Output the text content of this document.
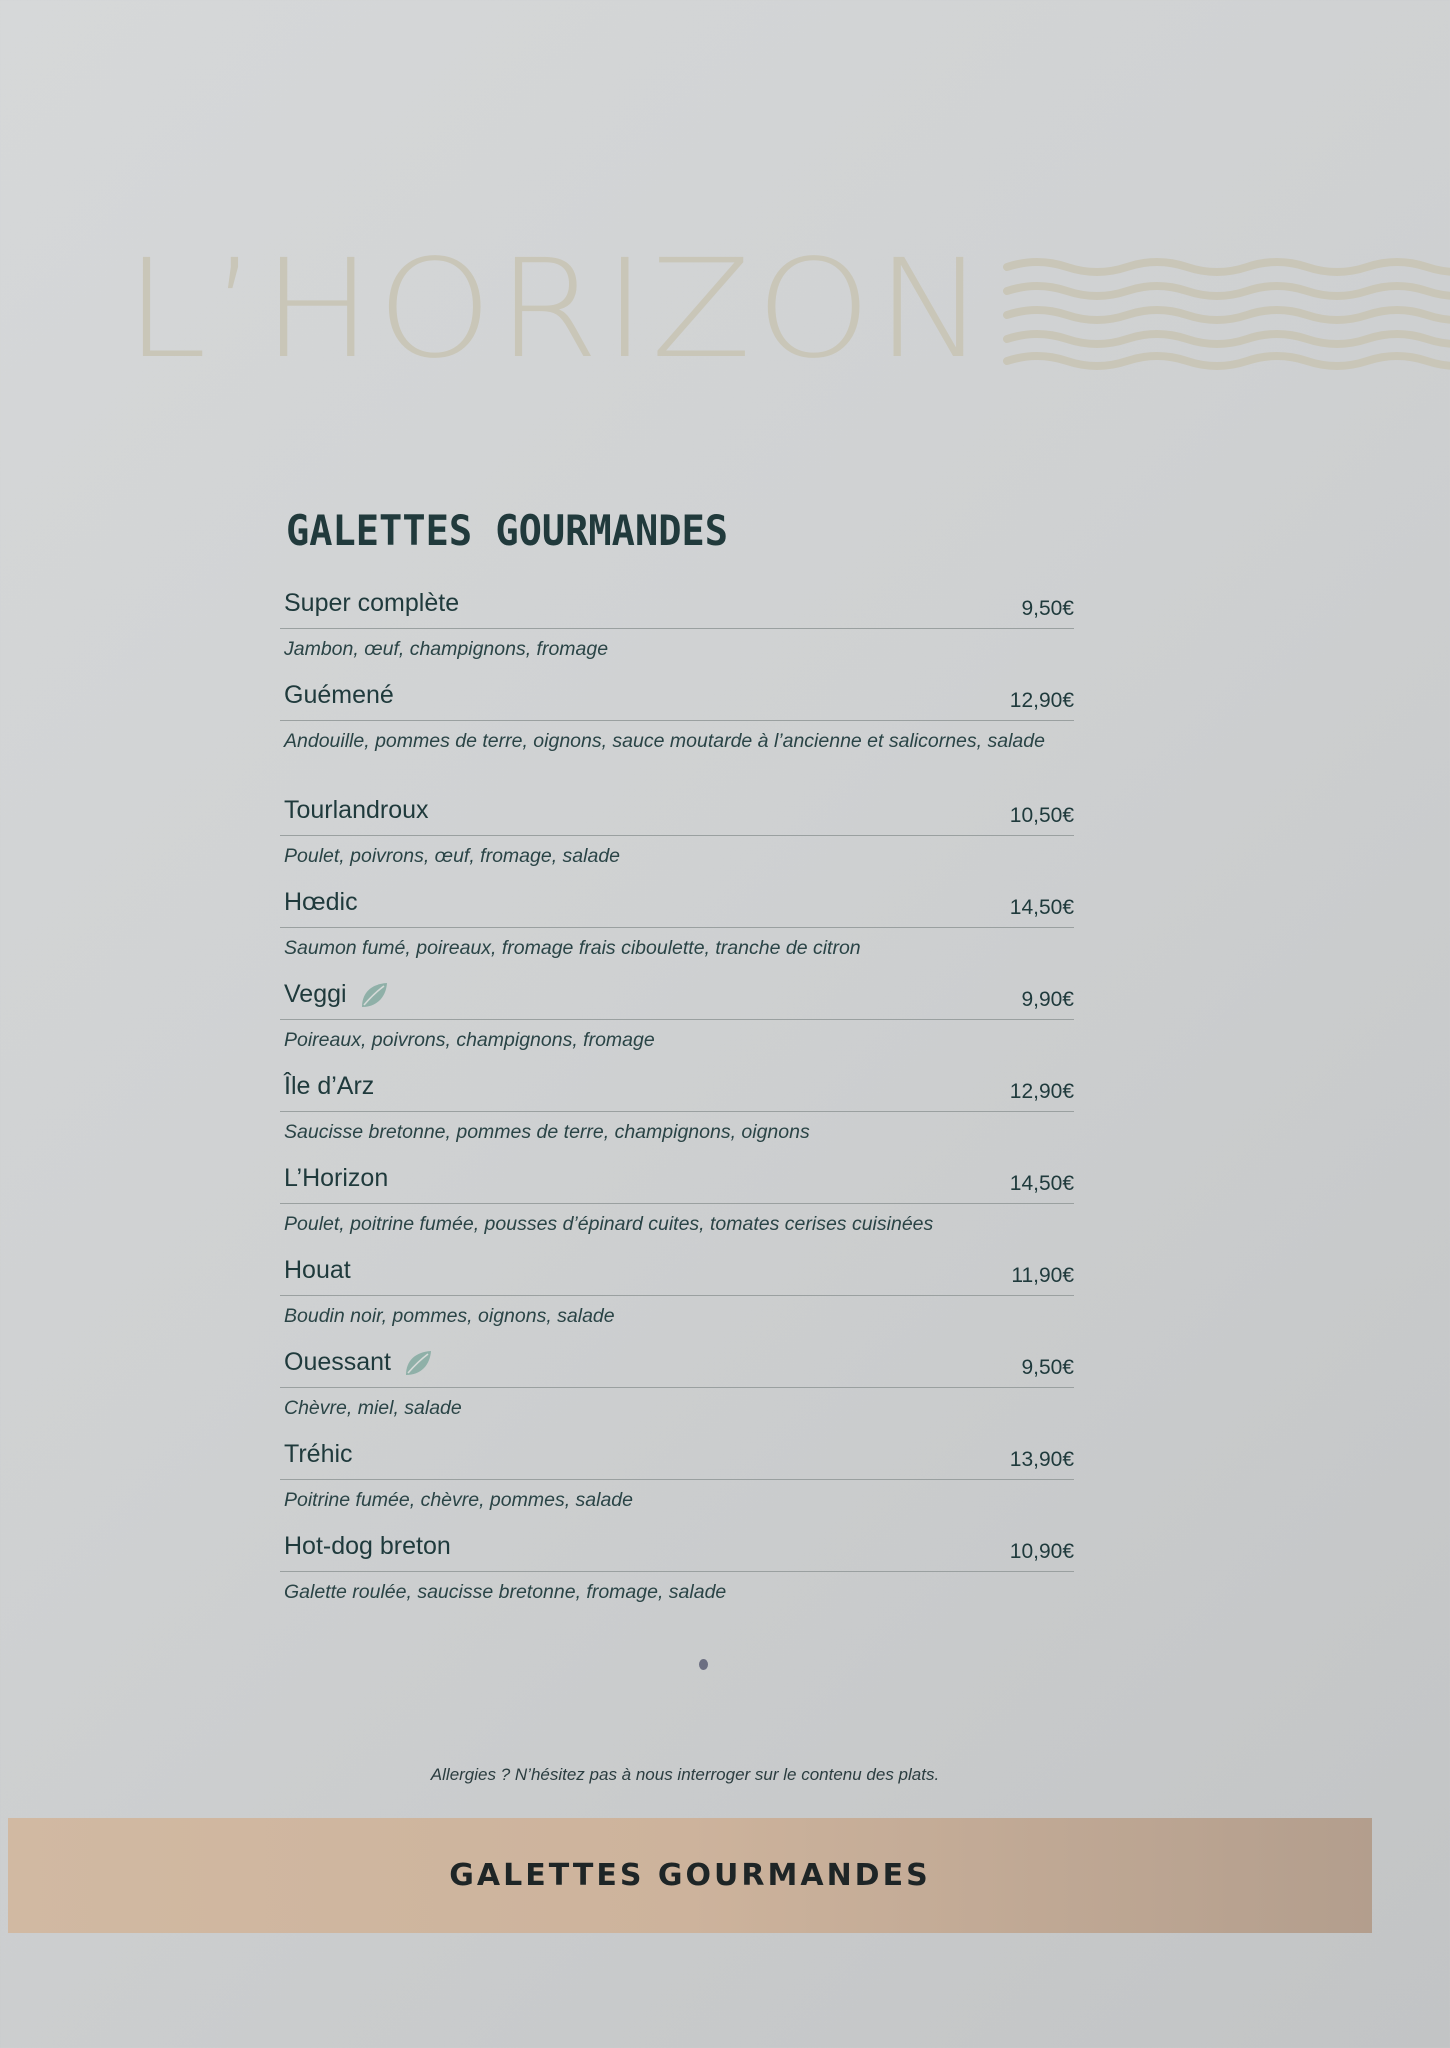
L’HORIZON
GALETTES GOURMANDES
Super complète	9,50€
Jambon, œuf, champignons, fromage
Guémené	12,90€
Andouille, pommes de terre, oignons, sauce moutarde à l’ancienne et salicornes, salade
Tourlandroux	10,50€
Poulet, poivrons, œuf, fromage, salade
Hœdic	14,50€
Saumon fumé, poireaux, fromage frais ciboulette, tranche de citron
Veggi	9,90€
Poireaux, poivrons, champignons, fromage
Île d’Arz	12,90€
Saucisse bretonne, pommes de terre, champignons, oignons
L’Horizon	14,50€
Poulet, poitrine fumée, pousses d’épinard cuites, tomates cerises cuisinées
Houat	11,90€
Boudin noir, pommes, oignons, salade
Ouessant	9,50€
Chèvre, miel, salade
Tréhic	13,90€
Poitrine fumée, chèvre, pommes, salade
Hot-dog breton	10,90€
Galette roulée, saucisse bretonne, fromage, salade
Allergies ? N’hésitez pas à nous interroger sur le contenu des plats.
GALETTES GOURMANDES
